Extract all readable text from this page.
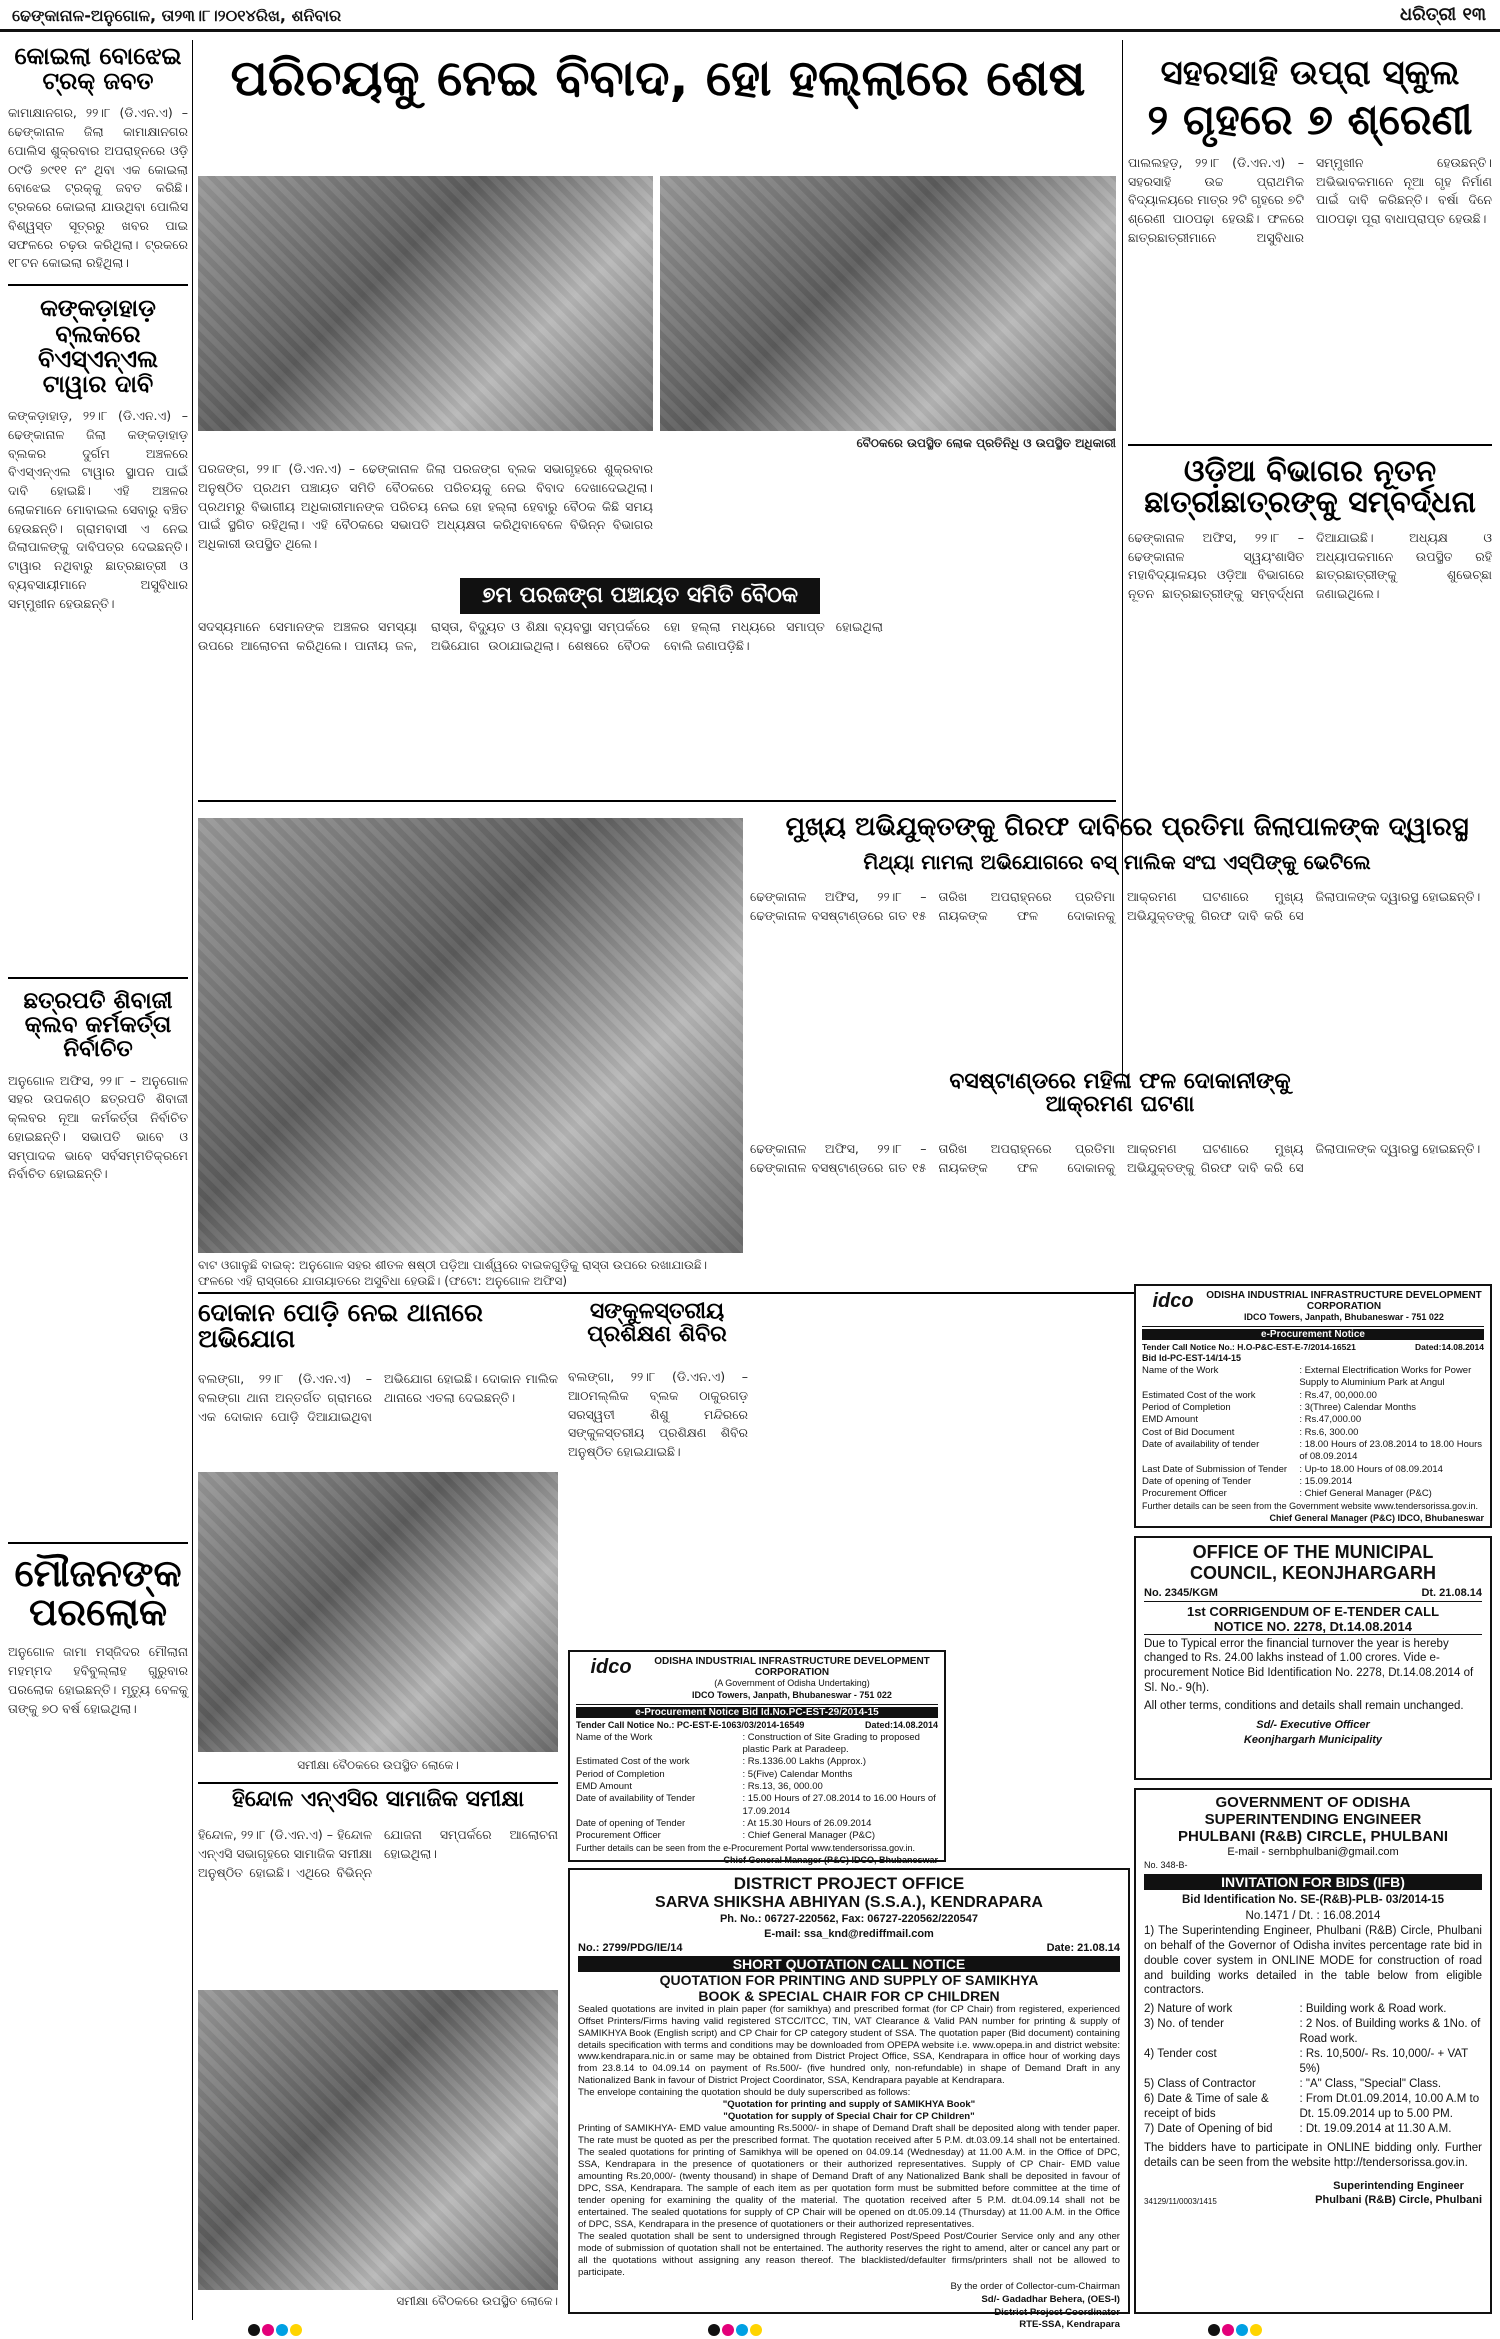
ଢେଙ୍କାନାଳ-ଅନୁଗୋଳ, ତା୨୩।୮।୨୦୧୪ରିଖ, ଶନିବାର	ଧରିତ୍ରୀ ୧୩
କୋଇଲା ବୋଝେଇ ଟ୍ରକ୍ ଜବତ
କାମାକ୍ଷାନଗର, ୨୨।୮ (ଡି.ଏନ.ଏ) – ଢେଙ୍କାନାଳ ଜିଲା କାମାକ୍ଷାନଗର ପୋଲିସ ଶୁକ୍ରବାର ଅପରାହ୍ନରେ ଓଡ଼ି ୦୯ଡି ୭୯୧୧ ନଂ ଥିବା ଏକ କୋଇଲା ବୋଝେଇ ଟ୍ରକ୍‌କୁ ଜବତ କରିଛି। ଟ୍ରକରେ କୋଇଲା ଯାଉଥିବା ପୋଲିସ ବିଶ୍ୱସ୍ତ ସୂତ୍ରରୁ ଖବର ପାଇ ସଫଳରେ ଚଢ଼ଉ କରିଥିଲା। ଟ୍ରକରେ ୧୮ଟନ କୋଇଲା ରହିଥିଲା।
କଙ୍କଡ଼ାହାଡ଼ ବ୍ଲକରେ ବିଏସ୍‌ଏନ୍‌ଏଲ ଟାୱାର ଦାବି
କଙ୍କଡ଼ାହାଡ଼, ୨୨।୮ (ଡି.ଏନ.ଏ) – ଢେଙ୍କାନାଳ ଜିଲା କଙ୍କଡ଼ାହାଡ଼ ବ୍ଲକର ଦୁର୍ଗମ ଅଞ୍ଚଳରେ ବିଏସ୍‌ଏନ୍‌ଏଲ ଟାୱାର ସ୍ଥାପନ ପାଇଁ ଦାବି ହୋଇଛି। ଏହି ଅଞ୍ଚଳର ଲୋକମାନେ ମୋବାଇଲ ସେବାରୁ ବଞ୍ଚିତ ହେଉଛନ୍ତି। ଗ୍ରାମବାସୀ ଏ ନେଇ ଜିଲାପାଳଙ୍କୁ ଦାବିପତ୍ର ଦେଇଛନ୍ତି। ଟାୱାର ନଥିବାରୁ ଛାତ୍ରଛାତ୍ରୀ ଓ ବ୍ୟବସାୟୀମାନେ ଅସୁବିଧାର ସମ୍ମୁଖୀନ ହେଉଛନ୍ତି।
ଛତ୍ରପତି ଶିବାଜୀ କ୍ଲବ କର୍ମକର୍ତ୍ତା ନିର୍ବାଚିତ
ଅନୁଗୋଳ ଅଫିସ, ୨୨।୮ – ଅନୁଗୋଳ ସହର ଉପକଣ୍ଠ ଛତ୍ରପତି ଶିବାଜୀ କ୍ଲବର ନୂଆ କର୍ମକର୍ତ୍ତା ନିର୍ବାଚିତ ହୋଇଛନ୍ତି। ସଭାପତି ଭାବେ ଓ ସମ୍ପାଦକ ଭାବେ ସର୍ବସମ୍ମତିକ୍ରମେ ନିର୍ବାଚିତ ହୋଇଛନ୍ତି।
ମୌଜନଙ୍କ ପରଲୋକ
ଅନୁଗୋଳ ଜାମା ମସ୍ଜିଦର ମୌଲାନା ମହମ୍ମଦ ହବିବୁଲ୍ଲାହ ଗୁରୁବାର ପରଲୋକ ହୋଇଛନ୍ତି। ମୃତ୍ୟୁ ବେଳକୁ ତାଙ୍କୁ ୭୦ ବର୍ଷ ହୋଇଥିଲା।
ପରିଚୟକୁ ନେଇ ବିବାଦ, ହୋ ହଲ୍ଲାରେ ଶେଷ
ବୈଠକରେ ଉପସ୍ଥିତ ଲୋକ ପ୍ରତିନିଧି ଓ ଉପସ୍ଥିତ ଅଧିକାରୀ
ପରଜଙ୍ଗ, ୨୨।୮ (ଡି.ଏନ.ଏ) – ଢେଙ୍କାନାଳ ଜିଲା ପରଜଙ୍ଗ ବ୍ଲକ ସଭାଗୃହରେ ଶୁକ୍ରବାର ଅନୁଷ୍ଠିତ ପ୍ରଥମ ପଞ୍ଚାୟତ ସମିତି ବୈଠକରେ ପରିଚୟକୁ ନେଇ ବିବାଦ ଦେଖାଦେଇଥିଲା। ପ୍ରଥମରୁ ବିଭାଗୀୟ ଅଧିକାରୀମାନଙ୍କ ପରିଚୟ ନେଇ ହୋ ହଲ୍ଲା ହେବାରୁ ବୈଠକ କିଛି ସମୟ ପାଇଁ ସ୍ଥଗିତ ରହିଥିଲା। ଏହି ବୈଠକରେ ସଭାପତି ଅଧ୍ୟକ୍ଷତା କରିଥିବାବେଳେ ବିଭିନ୍ନ ବିଭାଗର ଅଧିକାରୀ ଉପସ୍ଥିତ ଥିଲେ।
୭ମ ପରଜଙ୍ଗ ପଞ୍ଚାୟତ ସମିତି ବୈଠକ
ସଦସ୍ୟମାନେ ସେମାନଙ୍କ ଅଞ୍ଚଳର ସମସ୍ୟା ଉପରେ ଆଲୋଚନା କରିଥିଲେ। ପାନୀୟ ଜଳ, ରାସ୍ତା, ବିଦ୍ୟୁତ ଓ ଶିକ୍ଷା ବ୍ୟବସ୍ଥା ସମ୍ପର୍କରେ ଅଭିଯୋଗ ଉଠାଯାଇଥିଲା। ଶେଷରେ ବୈଠକ ହୋ ହଲ୍ଲା ମଧ୍ୟରେ ସମାପ୍ତ ହୋଇଥିଲା ବୋଲି ଜଣାପଡ଼ିଛି।
ସହରସାହି ଉପ୍ରା ସ୍କୁଲ
୨ ଗୃହରେ ୭ ଶ୍ରେଣୀ
ପାଲଲହଡ଼, ୨୨।୮ (ଡି.ଏନ.ଏ) – ସହରସାହି ଉଚ୍ଚ ପ୍ରାଥମିକ ବିଦ୍ୟାଳୟରେ ମାତ୍ର ୨ଟି ଗୃହରେ ୭ଟି ଶ୍ରେଣୀ ପାଠପଢ଼ା ହେଉଛି। ଫଳରେ ଛାତ୍ରଛାତ୍ରୀମାନେ ଅସୁବିଧାର ସମ୍ମୁଖୀନ ହେଉଛନ୍ତି। ଅଭିଭାବକମାନେ ନୂଆ ଗୃହ ନିର୍ମାଣ ପାଇଁ ଦାବି କରିଛନ୍ତି। ବର୍ଷା ଦିନେ ପାଠପଢ଼ା ପୂରା ବାଧାପ୍ରାପ୍ତ ହେଉଛି।
ଓଡ଼ିଆ ବିଭାଗର ନୂତନ ଛାତ୍ରୀଛାତ୍ରଙ୍କୁ ସମ୍ବର୍ଦ୍ଧନା
ଢେଙ୍କାନାଳ ଅଫିସ, ୨୨।୮ – ଢେଙ୍କାନାଳ ସ୍ୱୟଂଶାସିତ ମହାବିଦ୍ୟାଳୟର ଓଡ଼ିଆ ବିଭାଗରେ ନୂତନ ଛାତ୍ରଛାତ୍ରୀଙ୍କୁ ସମ୍ବର୍ଦ୍ଧନା ଦିଆଯାଇଛି। ଅଧ୍ୟକ୍ଷ ଓ ଅଧ୍ୟାପକମାନେ ଉପସ୍ଥିତ ରହି ଛାତ୍ରଛାତ୍ରୀଙ୍କୁ ଶୁଭେଚ୍ଛା ଜଣାଇଥିଲେ।
ମୁଖ୍ୟ ଅଭିଯୁକ୍ତଙ୍କୁ ଗିରଫ ଦାବିରେ ପ୍ରତିମା ଜିଲାପାଳଙ୍କ ଦ୍ୱାରସ୍ଥ
ମିଥ୍ୟା ମାମଲା ଅଭିଯୋଗରେ ବସ୍ ମାଲିକ ସଂଘ ଏସ୍‌ପିଙ୍କୁ ଭେଟିଲେ
ବାଟ ଓଗାଳୁଛି ବାଇକ୍: ଅନୁଗୋଳ ସହର ଶୀତଳ ଷଷ୍ଠୀ ପଡ଼ିଆ ପାର୍ଶ୍ୱରେ ବାଇକଗୁଡ଼ିକୁ ରାସ୍ତା ଉପରେ ରଖାଯାଉଛି। ଫଳରେ ଏହି ରାସ୍ତାରେ ଯାତାୟାତରେ ଅସୁବିଧା ହେଉଛି। (ଫଟୋ: ଅନୁଗୋଳ ଅଫିସ)
ଢେଙ୍କାନାଳ ଅଫିସ, ୨୨।୮ – ଢେଙ୍କାନାଳ ବସଷ୍ଟାଣ୍ଡରେ ଗତ ୧୫ ତାରିଖ ଅପରାହ୍ନରେ ପ୍ରତିମା ନାୟକଙ୍କ ଫଳ ଦୋକାନକୁ ଆକ୍ରମଣ ଘଟଣାରେ ମୁଖ୍ୟ ଅଭିଯୁକ୍ତଙ୍କୁ ଗିରଫ ଦାବି କରି ସେ ଜିଲାପାଳଙ୍କ ଦ୍ୱାରସ୍ଥ ହୋଇଛନ୍ତି।
ବସଷ୍ଟାଣ୍ଡରେ ମହିଳା ଫଳ ଦୋକାନୀଙ୍କୁ ଆକ୍ରମଣ ଘଟଣା
ଢେଙ୍କାନାଳ ଅଫିସ, ୨୨।୮ – ଢେଙ୍କାନାଳ ବସଷ୍ଟାଣ୍ଡରେ ଗତ ୧୫ ତାରିଖ ଅପରାହ୍ନରେ ପ୍ରତିମା ନାୟକଙ୍କ ଫଳ ଦୋକାନକୁ ଆକ୍ରମଣ ଘଟଣାରେ ମୁଖ୍ୟ ଅଭିଯୁକ୍ତଙ୍କୁ ଗିରଫ ଦାବି କରି ସେ ଜିଲାପାଳଙ୍କ ଦ୍ୱାରସ୍ଥ ହୋଇଛନ୍ତି।
ଦୋକାନ ପୋଡ଼ି ନେଇ ଥାନାରେ ଅଭିଯୋଗ
ବଲଙ୍ଗା, ୨୨।୮ (ଡି.ଏନ.ଏ) – ବଲଙ୍ଗା ଥାନା ଅନ୍ତର୍ଗତ ଗ୍ରାମରେ ଏକ ଦୋକାନ ପୋଡ଼ି ଦିଆଯାଇଥିବା ଅଭିଯୋଗ ହୋଇଛି। ଦୋକାନ ମାଲିକ ଥାନାରେ ଏତଲା ଦେଇଛନ୍ତି।
ସମୀକ୍ଷା ବୈଠକରେ ଉପସ୍ଥିତ ଲୋକେ।
ସଙ୍କୁଳସ୍ତରୀୟ ପ୍ରଶିକ୍ଷଣ ଶିବିର
ବଲଙ୍ଗା, ୨୨।୮ (ଡି.ଏନ.ଏ) – ଆଠମଲ୍ଲିକ ବ୍ଲକ ଠାକୁରଗଡ଼ ସରସ୍ୱତୀ ଶିଶୁ ମନ୍ଦିରରେ ସଙ୍କୁଳସ୍ତରୀୟ ପ୍ରଶିକ୍ଷଣ ଶିବିର ଅନୁଷ୍ଠିତ ହୋଇଯାଇଛି।
ହିନ୍ଦୋଳ ଏନ୍‌ଏସିର ସାମାଜିକ ସମୀକ୍ଷା
ହିନ୍ଦୋଳ, ୨୨।୮ (ଡି.ଏନ.ଏ) – ହିନ୍ଦୋଳ ଏନ୍‌ଏସି ସଭାଗୃହରେ ସାମାଜିକ ସମୀକ୍ଷା ଅନୁଷ୍ଠିତ ହୋଇଛି। ଏଥିରେ ବିଭିନ୍ନ ଯୋଜନା ସମ୍ପର୍କରେ ଆଲୋଚନା ହୋଇଥିଲା।
ସମୀକ୍ଷା ବୈଠକରେ ଉପସ୍ଥିତ ଲୋକେ।
idco	ODISHA INDUSTRIAL INFRASTRUCTURE DEVELOPMENT CORPORATION
(A Government of Odisha Undertaking)
IDCO Towers, Janpath, Bhubaneswar - 751 022
e-Procurement Notice Bid Id.No.PC-EST-29/2014-15
Tender Call Notice No.: PC-EST-E-1063/03/2014-16549	Dated:14.08.2014
Name of the Work	: Construction of Site Grading to proposed plastic Park at Paradeep.
Estimated Cost of the work	: Rs.1336.00 Lakhs (Approx.)
Period of Completion	: 5(Five) Calendar Months
EMD Amount	: Rs.13, 36, 000.00
Date of availability of Tender	: 15.00 Hours of 27.08.2014 to 16.00 Hours of 17.09.2014
Date of opening of Tender	: At 15.30 Hours of 26.09.2014
Procurement Officer	: Chief General Manager (P&C)
Further details can be seen from the e-Procurement Portal www.tendersorissa.gov.in.
Chief General Manager (P&C) IDCO, Bhubaneswar
DISTRICT PROJECT OFFICE
SARVA SHIKSHA ABHIYAN (S.S.A.), KENDRAPARA
Ph. No.: 06727-220562, Fax: 06727-220562/220547
E-mail: ssa_knd@rediffmail.com
No.: 2799/PDG/IE/14	Date: 21.08.14
SHORT QUOTATION CALL NOTICE
QUOTATION FOR PRINTING AND SUPPLY OF SAMIKHYA
BOOK & SPECIAL CHAIR FOR CP CHILDREN
Sealed quotations are invited in plain paper (for samikhya) and prescribed format (for CP Chair) from registered, experienced Offset Printers/Firms having valid registered STCC/ITCC, TIN, VAT Clearance & Valid PAN number for printing & supply of SAMIKHYA Book (English script) and CP Chair for CP category student of SSA. The quotation paper (Bid document) containing details specification with terms and conditions may be downloaded from OPEPA website i.e. www.opepa.in and district website: www.kendrapara.nic.in or same may be obtained from District Project Office, SSA, Kendrapara in office hour of working days from 23.8.14 to 04.09.14 on payment of Rs.500/- (five hundred only, non-refundable) in shape of Demand Draft in any Nationalized Bank in favour of District Project Coordinator, SSA, Kendrapara payable at Kendrapara.
The envelope containing the quotation should be duly superscribed as follows:
"Quotation for printing and supply of SAMIKHYA Book"
"Quotation for supply of Special Chair for CP Children"
Printing of SAMIKHYA- EMD value amounting Rs.5000/- in shape of Demand Draft shall be deposited along with tender paper. The rate must be quoted as per the prescribed format. The quotation received after 5 P.M. dt.03.09.14 shall not be entertained. The sealed quotations for printing of Samikhya will be opened on 04.09.14 (Wednesday) at 11.00 A.M. in the Office of DPC, SSA, Kendrapara in the presence of quotationers or their authorized representatives. Supply of CP Chair- EMD value amounting Rs.20,000/- (twenty thousand) in shape of Demand Draft of any Nationalized Bank shall be deposited in favour of DPC, SSA, Kendrapara. The sample of each item as per quotation form must be submitted before committee at the time of tender opening for examining the quality of the material. The quotation received after 5 P.M. dt.04.09.14 shall not be entertained. The sealed quotations for supply of CP Chair will be opened on dt.05.09.14 (Thursday) at 11.00 A.M. in the Office of DPC, SSA, Kendrapara in the presence of quotationers or their authorized representatives.
The sealed quotation shall be sent to undersigned through Registered Post/Speed Post/Courier Service only and any other mode of submission of quotation shall not be entertained. The authority reserves the right to amend, alter or cancel any part or all the quotations without assigning any reason thereof. The blacklisted/defaulter firms/printers shall not be allowed to participate.
By the order of Collector-cum-Chairman
Sd/- Gadadhar Behera, (OES-I)
District Project Coordinator
RTE-SSA, Kendrapara
idco	ODISHA INDUSTRIAL INFRASTRUCTURE DEVELOPMENT CORPORATION
IDCO Towers, Janpath, Bhubaneswar - 751 022
e-Procurement Notice
Tender Call Notice No.: H.O-P&C-EST-E-7/2014-16521	Dated:14.08.2014
Bid Id-PC-EST-14/14-15
Name of the Work	: External Electrification Works for Power Supply to Aluminium Park at Angul
Estimated Cost of the work	: Rs.47, 00,000.00
Period of Completion	: 3(Three) Calendar Months
EMD Amount	: Rs.47,000.00
Cost of Bid Document	: Rs.6, 300.00
Date of availability of tender	: 18.00 Hours of 23.08.2014 to 18.00 Hours of 08.09.2014
Last Date of Submission of Tender	: Up-to 18.00 Hours of 08.09.2014
Date of opening of Tender	: 15.09.2014
Procurement Officer	: Chief General Manager (P&C)
Further details can be seen from the Government website www.tendersorissa.gov.in.
Chief General Manager (P&C) IDCO, Bhubaneswar
OFFICE OF THE MUNICIPAL
COUNCIL, KEONJHARGARH
No. 2345/KGM	Dt. 21.08.14
1st CORRIGENDUM OF E-TENDER CALL
NOTICE NO. 2278, Dt.14.08.2014
Due to Typical error the financial turnover the year is hereby changed to Rs. 24.00 lakhs instead of 1.00 crores. Vide e-procurement Notice Bid Identification No. 2278, Dt.14.08.2014 of Sl. No.- 9(h).
All other terms, conditions and details shall remain unchanged.
Sd/- Executive Officer
Keonjhargarh Municipality
GOVERNMENT OF ODISHA
SUPERINTENDING ENGINEER
PHULBANI (R&B) CIRCLE, PHULBANI
E-mail - sernbphulbani@gmail.com
No. 348-B-
INVITATION FOR BIDS (IFB)
Bid Identification No. SE-(R&B)-PLB- 03/2014-15
No.1471 / Dt. : 16.08.2014
1) The Superintending Engineer, Phulbani (R&B) Circle, Phulbani on behalf of the Governor of Odisha invites percentage rate bid in double cover system in ONLINE MODE for construction of road and building works detailed in the table below from eligible contractors.
2) Nature of work	: Building work & Road work.
3) No. of tender	: 2 Nos. of Building works & 1No. of Road work.
4) Tender cost	: Rs. 10,500/- Rs. 10,000/- + VAT 5%)
5) Class of Contractor	: "A" Class, "Special" Class.
6) Date & Time of sale & receipt of bids
: From Dt.01.09.2014, 10.00 A.M to Dt. 15.09.2014 up to 5.00 PM.
7) Date of Opening of bid	: Dt. 19.09.2014 at 11.30 A.M.
The bidders have to participate in ONLINE bidding only. Further details can be seen from the website http://tendersorissa.gov.in.
34129/11/0003/1415
Superintending Engineer
Phulbani (R&B) Circle, Phulbani
